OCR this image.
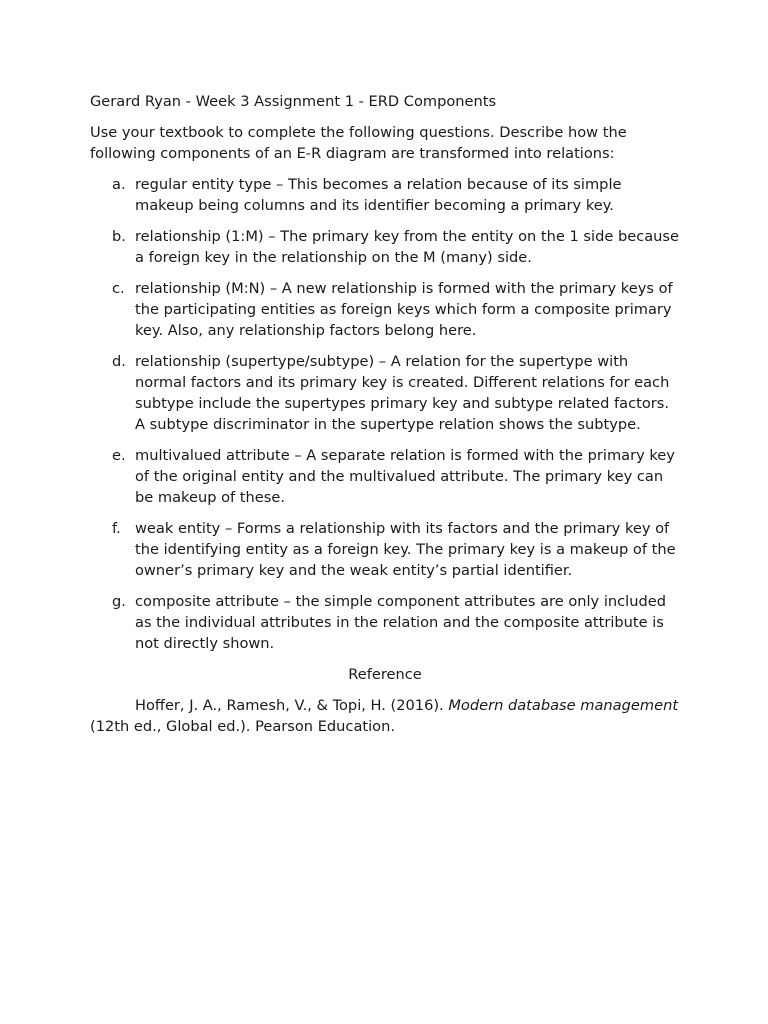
Gerard Ryan - Week 3 Assignment 1 - ERD Components

Use your textbook to complete the following questions. Describe how the following components of an E-R diagram are transformed into relations:

a. regular entity type – This becomes a relation because of its simple makeup being columns and its identifier becoming a primary key.
b. relationship (1:M) – The primary key from the entity on the 1 side because a foreign key in the relationship on the M (many) side.
c. relationship (M:N) – A new relationship is formed with the primary keys of the participating entities as foreign keys which form a composite primary key. Also, any relationship factors belong here.
d. relationship (supertype/subtype) – A relation for the supertype with normal factors and its primary key is created. Different relations for each subtype include the supertypes primary key and subtype related factors. A subtype discriminator in the supertype relation shows the subtype.
e. multivalued attribute – A separate relation is formed with the primary key of the original entity and the multivalued attribute. The primary key can be makeup of these.
f. weak entity – Forms a relationship with its factors and the primary key of the identifying entity as a foreign key. The primary key is a makeup of the owner’s primary key and the weak entity’s partial identifier.
g. composite attribute – the simple component attributes are only included as the individual attributes in the relation and the composite attribute is not directly shown.

Reference

Hoffer, J. A., Ramesh, V., & Topi, H. (2016). Modern database management (12th ed., Global ed.). Pearson Education.
